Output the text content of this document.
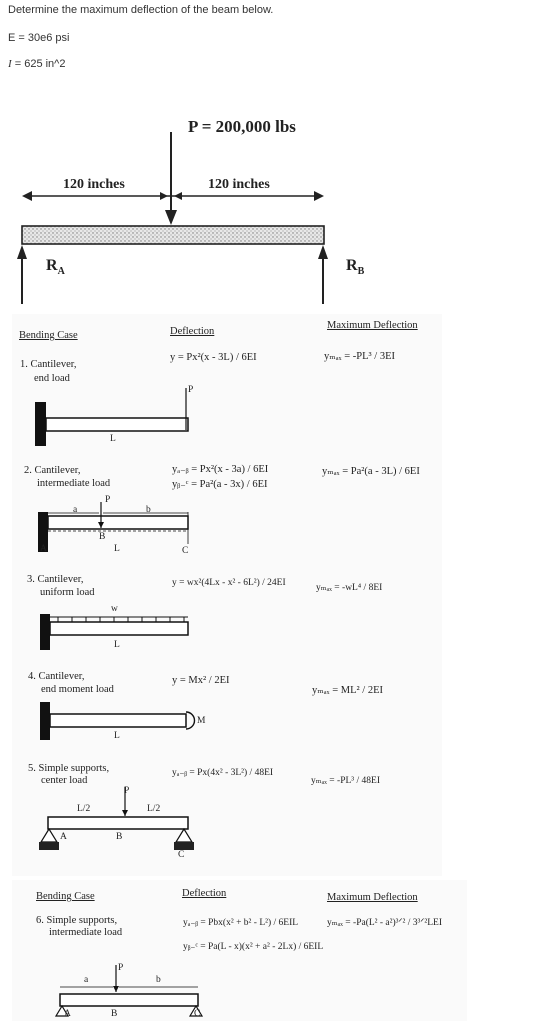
Determine the maximum deflection of the beam below.
E = 30e6 psi
I = 625 in^2
P = 200,000 lbs
120 inches	120 inches
$R_A$	$R_B$
Bending Case	Deflection
Maximum Deflection
1. Cantilever,
end load
y = Px²(x - 3L) / 6EI	yₘₐₓ = -PL³ / 3EI
2. Cantilever,
intermediate load
yₐ₋ᵦ = Px²(x - 3a) / 6EI
yᵦ₋ᶜ = Pa²(a - 3x) / 6EI
yₘₐₓ = Pa²(a - 3L) / 6EI
3. Cantilever,
uniform load
y = wx²(4Lx - x² - 6L²) / 24EI	yₘₐₓ = -wL⁴ / 8EI
4. Cantilever,
end moment load
y = Mx² / 2EI
yₘₐₓ = ML² / 2EI
5. Simple supports,
center load
yₐ₋ᵦ = Px(4x² - 3L²) / 48EI
yₘₐₓ = -PL³ / 48EI
P
L
P
a	b
A
B
L	C
w
L
M
L
P
L/2	L/2
A	B
C
Bending Case	Deflection	Maximum Deflection
6. Simple supports,
intermediate load
yₐ₋ᵦ = Pbx(x² + b² - L²) / 6EIL	yₘₐₓ = -Pa(L² - a²)³ᐟ² / 3³ᐟ²LEI
yᵦ₋ᶜ = Pa(L - x)(x² + a² - 2Lx) / 6EIL
P
a	b
A	B	C
